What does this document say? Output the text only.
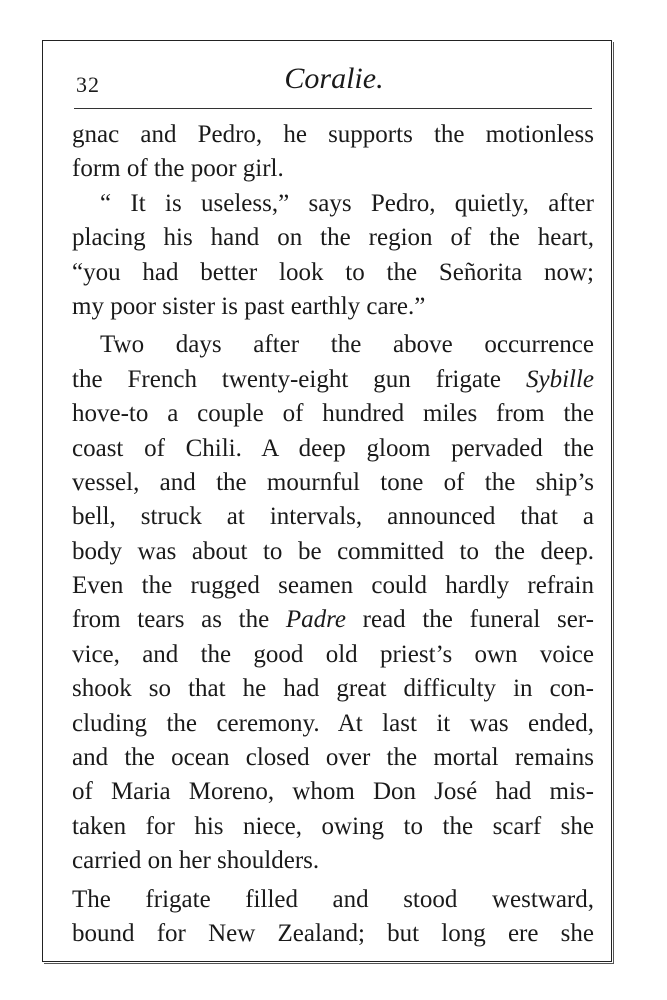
32	Coralie.
gnac and Pedro, he supports the motionless
form of the poor girl.
“ It is useless,” says Pedro, quietly, after
placing his hand on the region of the heart,
“you had better look to the Señorita now;
my poor sister is past earthly care.”
Two days after the above occurrence
the French twenty-eight gun frigate Sybille
hove-to a couple of hundred miles from the
coast of Chili. A deep gloom pervaded the
vessel, and the mournful tone of the ship’s
bell, struck at intervals, announced that a
body was about to be committed to the deep.
Even the rugged seamen could hardly refrain
from tears as the Padre read the funeral ser-
vice, and the good old priest’s own voice
shook so that he had great difficulty in con-
cluding the ceremony. At last it was ended,
and the ocean closed over the mortal remains
of Maria Moreno, whom Don José had mis-
taken for his niece, owing to the scarf she
carried on her shoulders.
The frigate filled and stood westward,
bound for New Zealand; but long ere she
